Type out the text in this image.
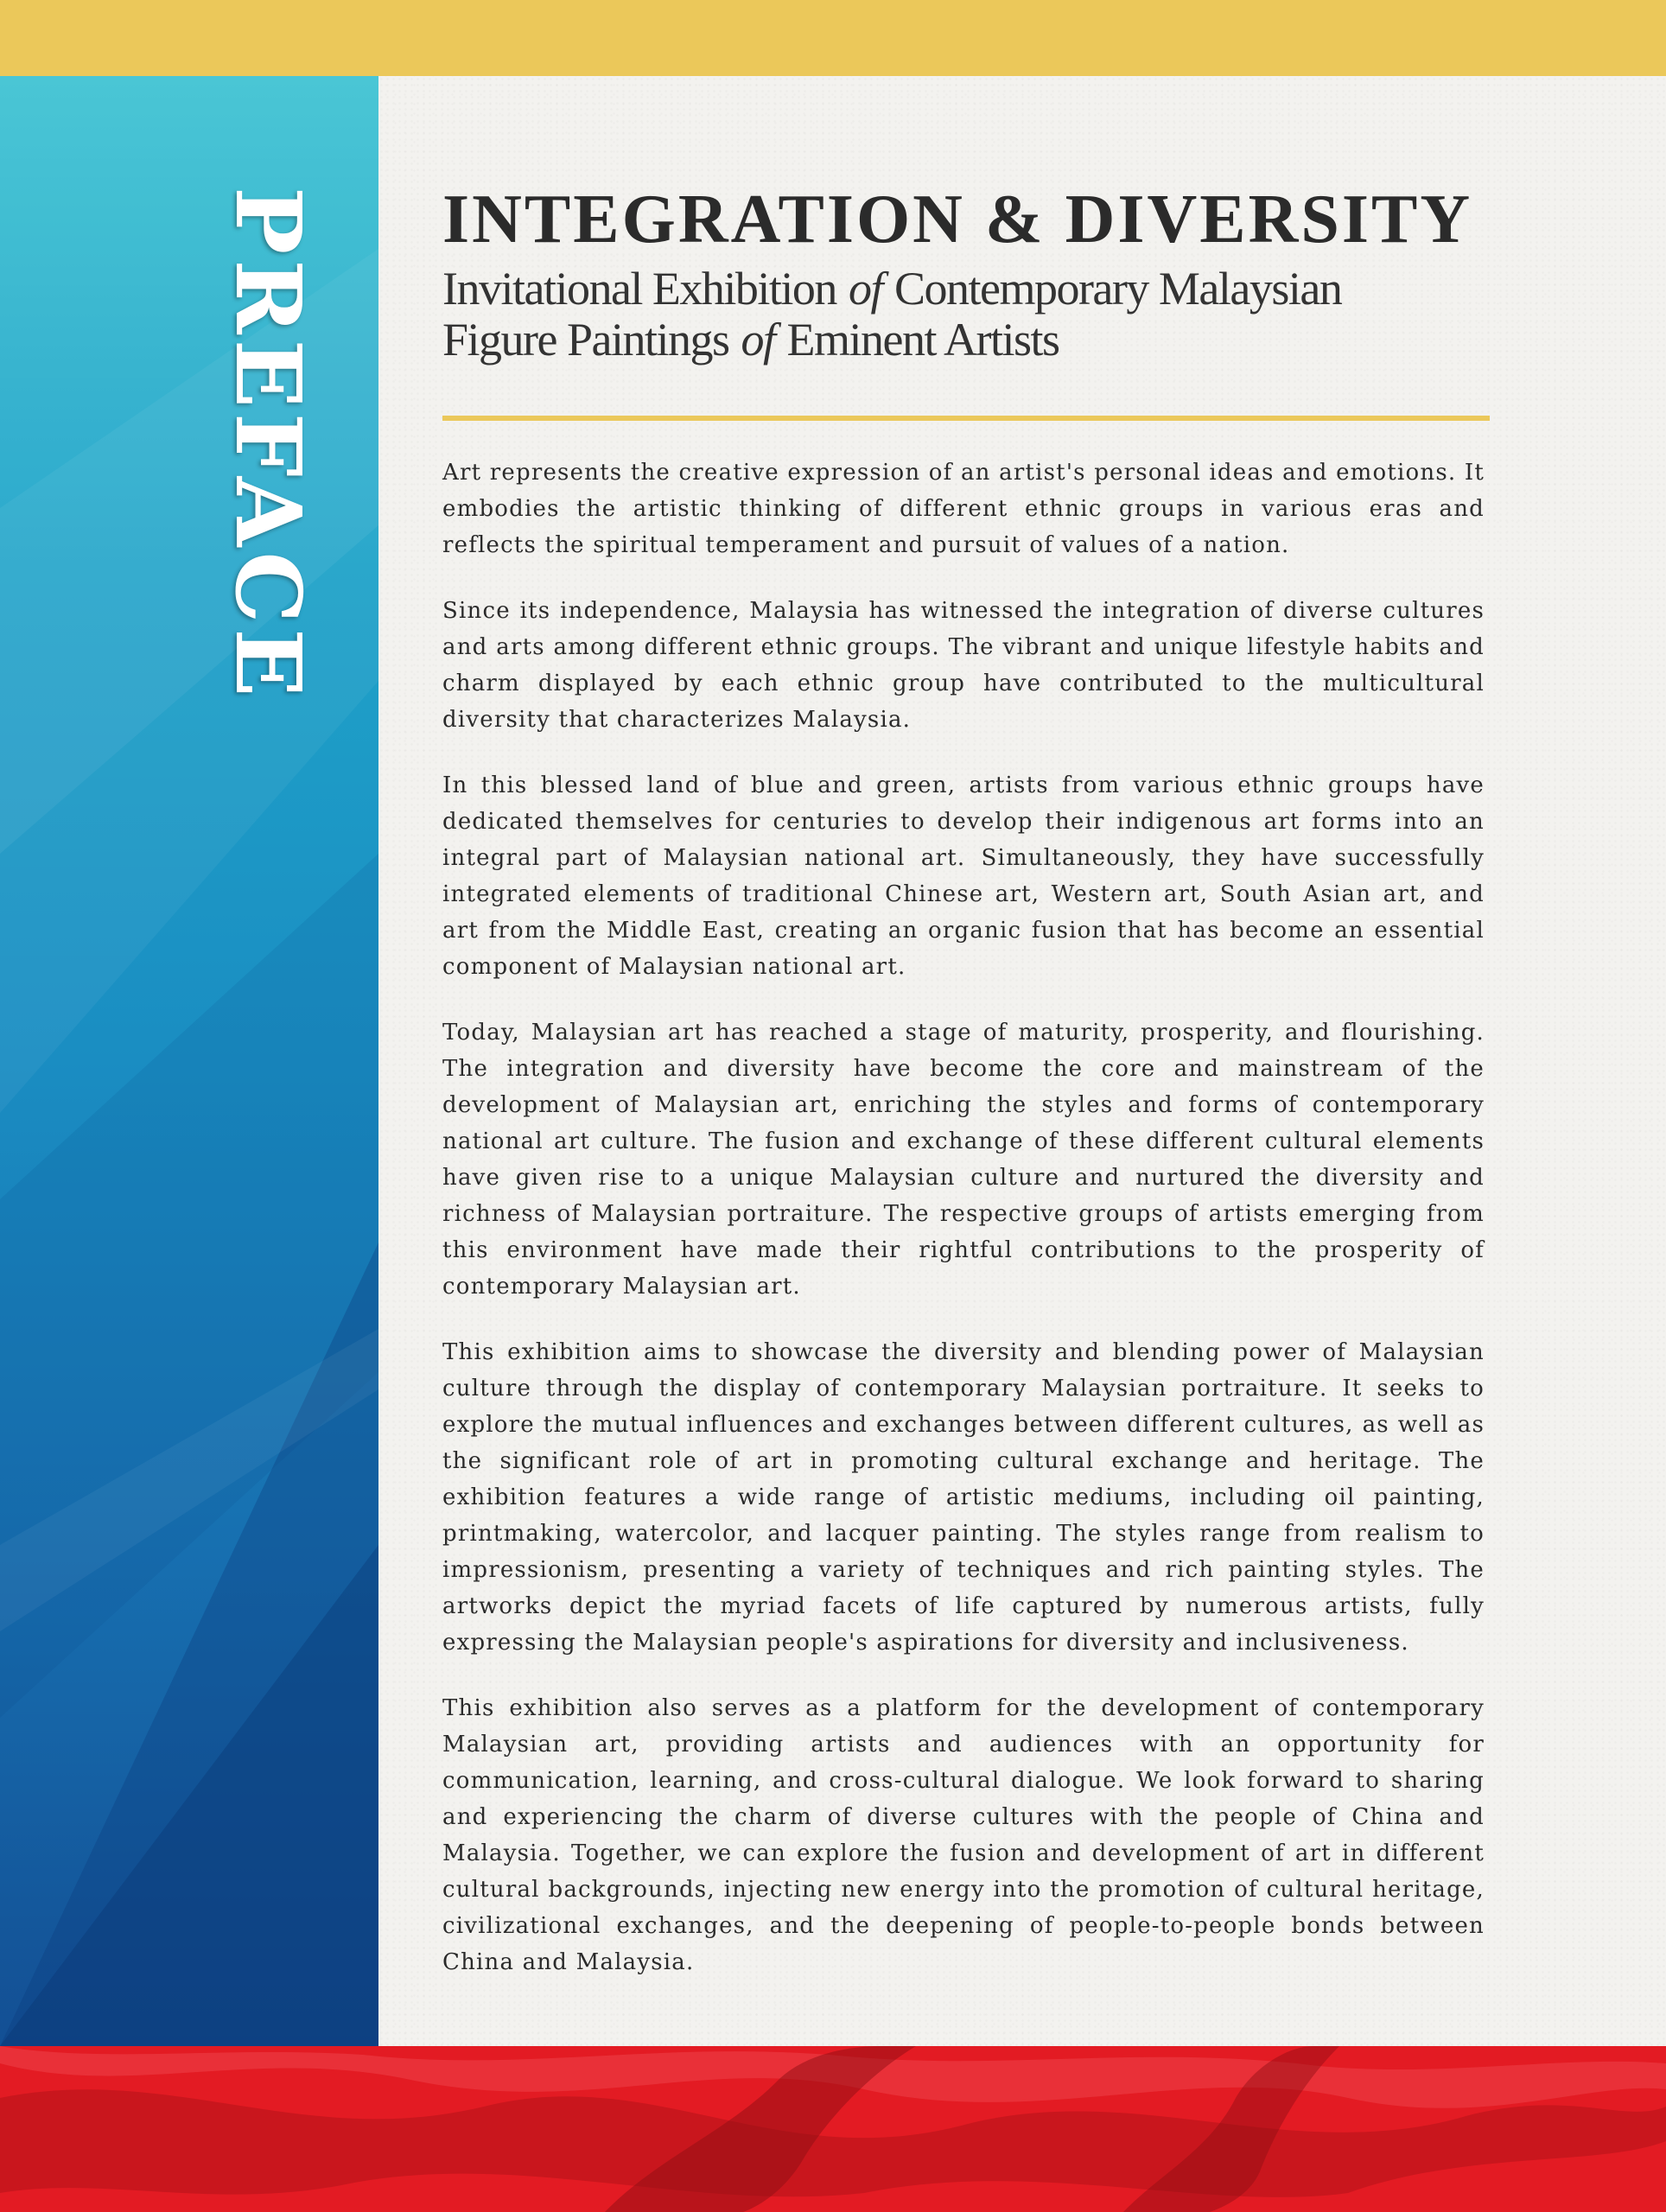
PREFACE INTEGRATION & DIVERSITY
Invitational Exhibition of Contemporary Malaysian
Figure Paintings of Eminent Artists

Art represents the creative expression of an artist's personal ideas and emotions. It embodies the artistic thinking of different ethnic groups in various eras and reflects the spiritual temperament and pursuit of values of a nation.

Since its independence, Malaysia has witnessed the integration of diverse cultures and arts among different ethnic groups. The vibrant and unique lifestyle habits and charm displayed by each ethnic group have contributed to the multicultural diversity that characterizes Malaysia.

In this blessed land of blue and green, artists from various ethnic groups have dedicated themselves for centuries to develop their indigenous art forms into an integral part of Malaysian national art. Simultaneously, they have successfully integrated elements of traditional Chinese art, Western art, South Asian art, and art from the Middle East, creating an organic fusion that has become an essential component of Malaysian national art.

Today, Malaysian art has reached a stage of maturity, prosperity, and flourishing. The integration and diversity have become the core and mainstream of the development of Malaysian art, enriching the styles and forms of contemporary national art culture. The fusion and exchange of these different cultural elements have given rise to a unique Malaysian culture and nurtured the diversity and richness of Malaysian portraiture. The respective groups of artists emerging from this environment have made their rightful contributions to the prosperity of contemporary Malaysian art.

This exhibition aims to showcase the diversity and blending power of Malaysian culture through the display of contemporary Malaysian portraiture. It seeks to explore the mutual influences and exchanges between different cultures, as well as the significant role of art in promoting cultural exchange and heritage. The exhibition features a wide range of artistic mediums, including oil painting, printmaking, watercolor, and lacquer painting. The styles range from realism to impressionism, presenting a variety of techniques and rich painting styles. The artworks depict the myriad facets of life captured by numerous artists, fully expressing the Malaysian people's aspirations for diversity and inclusiveness.

This exhibition also serves as a platform for the development of contemporary Malaysian art, providing artists and audiences with an opportunity for communication, learning, and cross-cultural dialogue. We look forward to sharing and experiencing the charm of diverse cultures with the people of China and Malaysia. Together, we can explore the fusion and development of art in different cultural backgrounds, injecting new energy into the promotion of cultural heritage, civilizational exchanges, and the deepening of people-to-people bonds between China and Malaysia.
